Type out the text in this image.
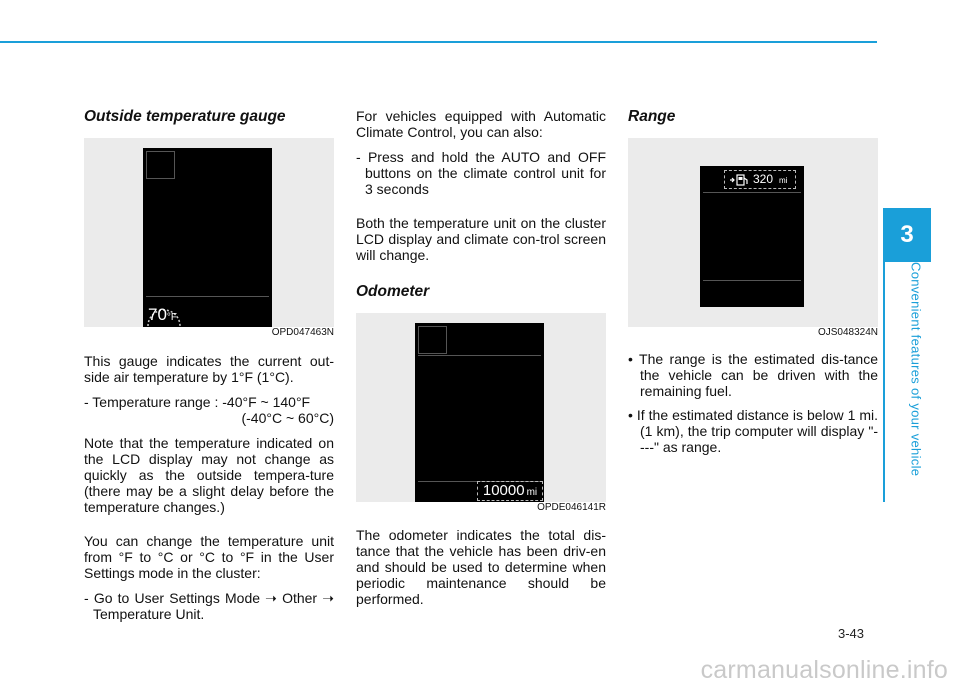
3
Convenient features of your vehicle
Outside temperature gauge
70°F
OPD047463N

This gauge indicates the current out-side air temperature by 1°F (1°C).

- Temperature range : -40°F ~ 140°F

(-40°C ~ 60°C)

Note that the temperature indicated on the LCD display may not change as quickly as the outside tempera-ture (there may be a slight delay before the temperature changes.)

You can change the temperature unit from °F to °C or °C to °F in the User Settings mode in the cluster:

- Go to User Settings Mode ➝ Other ➝ Temperature Unit.

For vehicles equipped with Automatic Climate Control, you can also:

- Press and hold the AUTO and OFF buttons on the climate control unit for 3 seconds

Both the temperature unit on the cluster LCD display and climate con-trol screen will change.

Odometer
10000 mi
OPDE046141R

The odometer indicates the total dis-tance that the vehicle has been driv-en and should be used to determine when periodic maintenance should be performed.

Range
320 mi
OJS048324N
• The range is the estimated dis-tance the vehicle can be driven with the remaining fuel.
• If the estimated distance is below 1 mi. (1 km), the trip computer will display "----" as range.
3-43
carmanualsonline.info
